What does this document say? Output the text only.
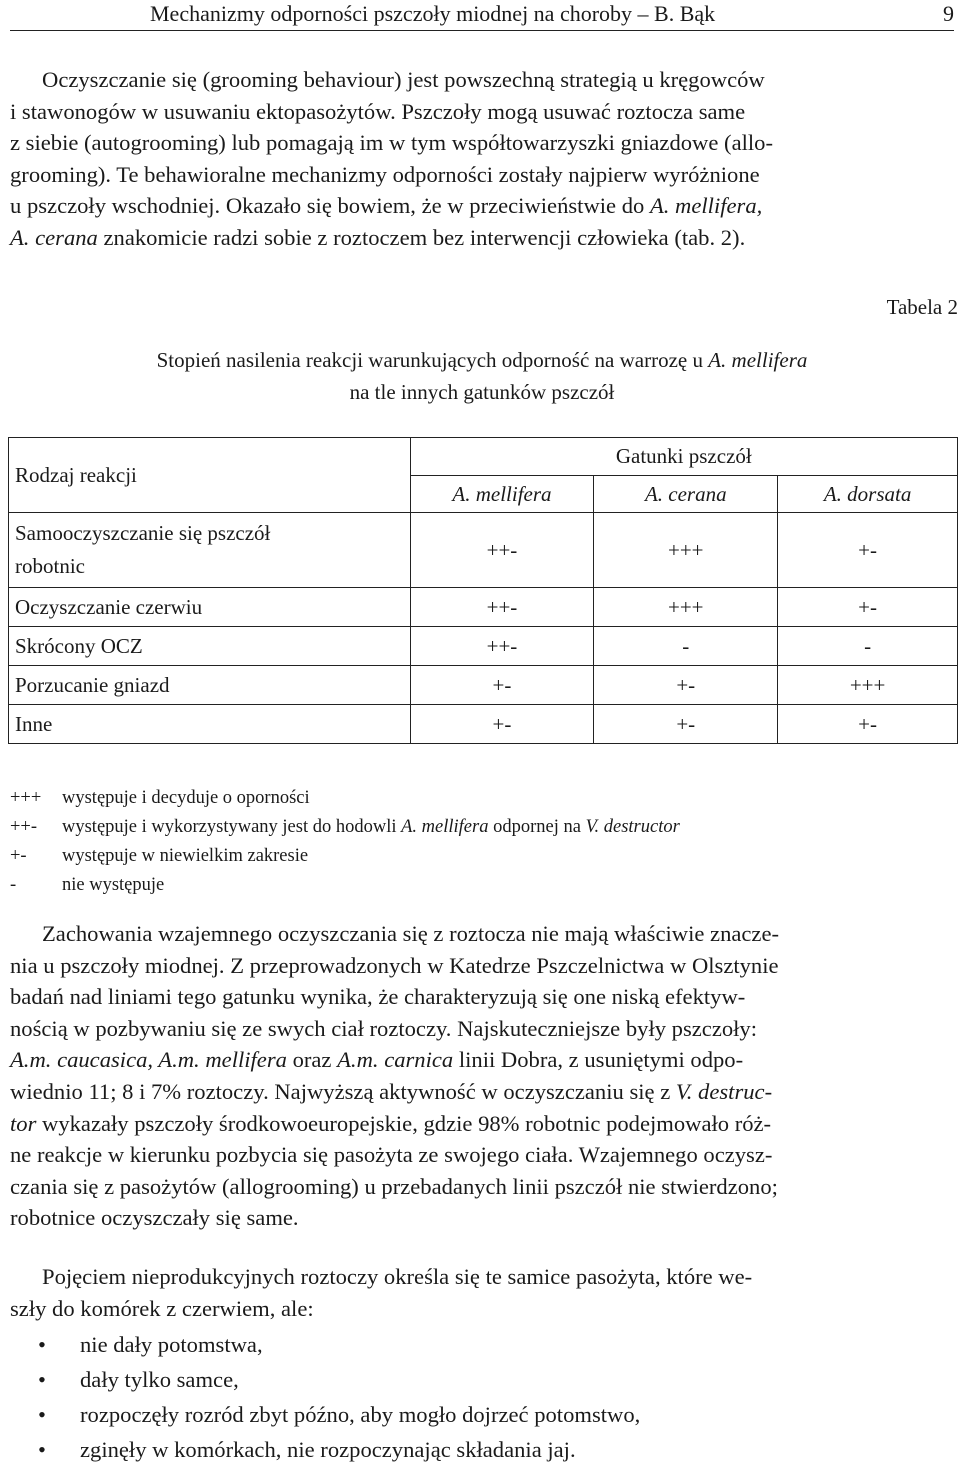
Mechanizmy odporności pszczoły miodnej na choroby – B. Bąk	9
Oczyszczanie się (grooming behaviour) jest powszechną strategią u kręgowców
i stawonogów w usuwaniu ektopasożytów. Pszczoły mogą usuwać roztocza same
z siebie (autogrooming) lub pomagają im w tym współtowarzyszki gniazdowe (allo-
grooming). Te behawioralne mechanizmy odporności zostały najpierw wyróżnione
u pszczoły wschodniej. Okazało się bowiem, że w przeciwieństwie do A. mellifera,
A. cerana znakomicie radzi sobie z roztoczem bez interwencji człowieka (tab. 2).
Tabela 2
Stopień nasilenia reakcji warunkujących odporność na warrozę u A. mellifera
na tle innych gatunków pszczół
Rodzaj reakcji	Gatunki pszczół		
	A. mellifera	A. cerana	A. dorsata

Samooczyszczanie się pszczół
robotnic	++-	+++	+-
Oczyszczanie czerwiu	++-	+++	+-
Skrócony OCZ	++-	-	-
Porzucanie gniazd	+-	+-	+++
Inne	+-	+-	+-
+++ występuje i decyduje o oporności
++- występuje i wykorzystywany jest do hodowli A. mellifera odpornej na V. destructor
+- występuje w niewielkim zakresie
- nie występuje
Zachowania wzajemnego oczyszczania się z roztocza nie mają właściwie znacze-
nia u pszczoły miodnej. Z przeprowadzonych w Katedrze Pszczelnictwa w Olsztynie
badań nad liniami tego gatunku wynika, że charakteryzują się one niską efektyw-
nością w pozbywaniu się ze swych ciał roztoczy. Najskuteczniejsze były pszczoły:
A.m. caucasica, A.m. mellifera oraz A.m. carnica linii Dobra, z usuniętymi odpo-
wiednio 11; 8 i 7% roztoczy. Najwyższą aktywność w oczyszczaniu się z V. destruc-
tor wykazały pszczoły środkowoeuropejskie, gdzie 98% robotnic podejmowało róż-
ne reakcje w kierunku pozbycia się pasożyta ze swojego ciała. Wzajemnego oczysz-
czania się z pasożytów (allogrooming) u przebadanych linii pszczół nie stwierdzono;
robotnice oczyszczały się same.
Pojęciem nieprodukcyjnych roztoczy określa się te samice pasożyta, które we-
szły do komórek z czerwiem, ale:
• nie dały potomstwa,
• dały tylko samce,
• rozpoczęły rozród zbyt późno, aby mogło dojrzeć potomstwo,
• zginęły w komórkach, nie rozpoczynając składania jaj.
